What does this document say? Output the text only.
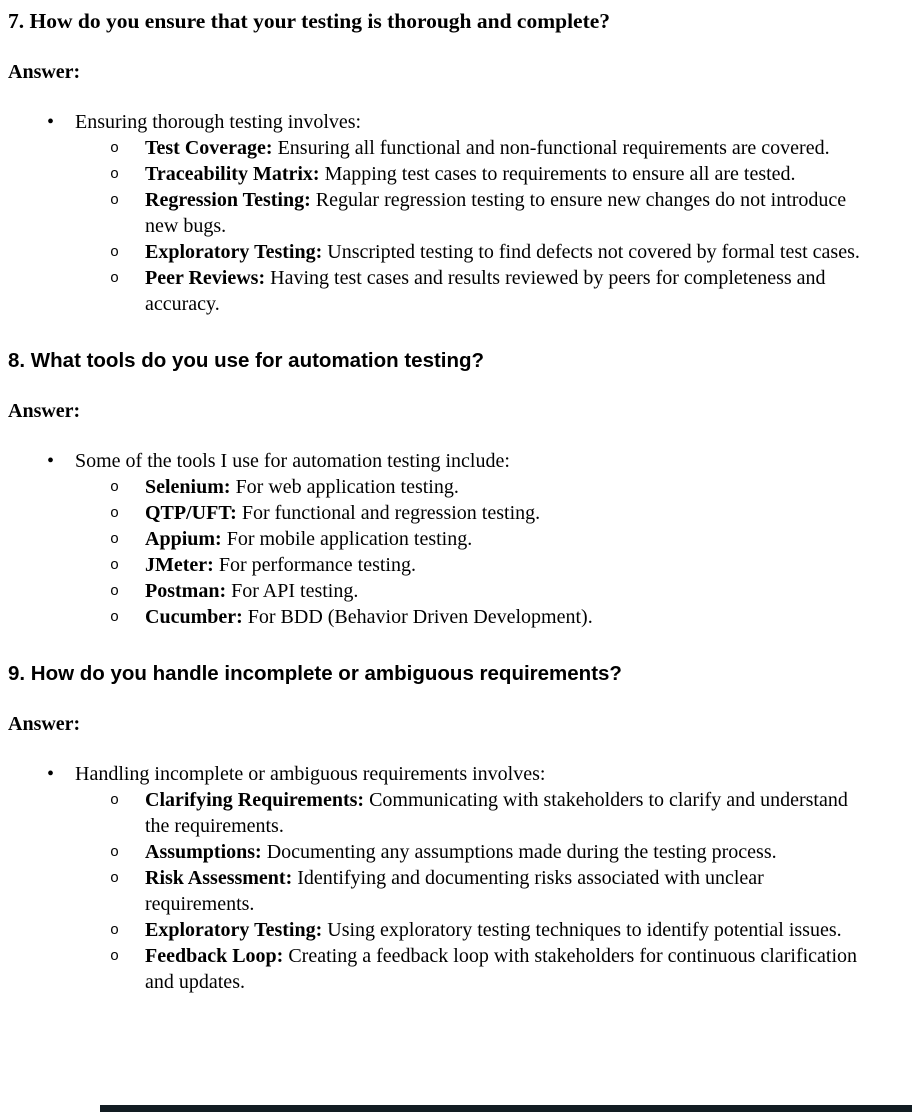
7. How do you ensure that your testing is thorough and complete?

Answer:

• Ensuring thorough testing involves:
o Test Coverage: Ensuring all functional and non-functional requirements are covered.
o Traceability Matrix: Mapping test cases to requirements to ensure all are tested.
o Regression Testing: Regular regression testing to ensure new changes do not introduce new bugs.
o Exploratory Testing: Unscripted testing to find defects not covered by formal test cases.
o Peer Reviews: Having test cases and results reviewed by peers for completeness and accuracy.
8. What tools do you use for automation testing?

Answer:

• Some of the tools I use for automation testing include:
o Selenium: For web application testing.
o QTP/UFT: For functional and regression testing.
o Appium: For mobile application testing.
o JMeter: For performance testing.
o Postman: For API testing.
o Cucumber: For BDD (Behavior Driven Development).
9. How do you handle incomplete or ambiguous requirements?

Answer:

• Handling incomplete or ambiguous requirements involves:
o Clarifying Requirements: Communicating with stakeholders to clarify and understand the requirements.
o Assumptions: Documenting any assumptions made during the testing process.
o Risk Assessment: Identifying and documenting risks associated with unclear requirements.
o Exploratory Testing: Using exploratory testing techniques to identify potential issues.
o Feedback Loop: Creating a feedback loop with stakeholders for continuous clarification and updates.
